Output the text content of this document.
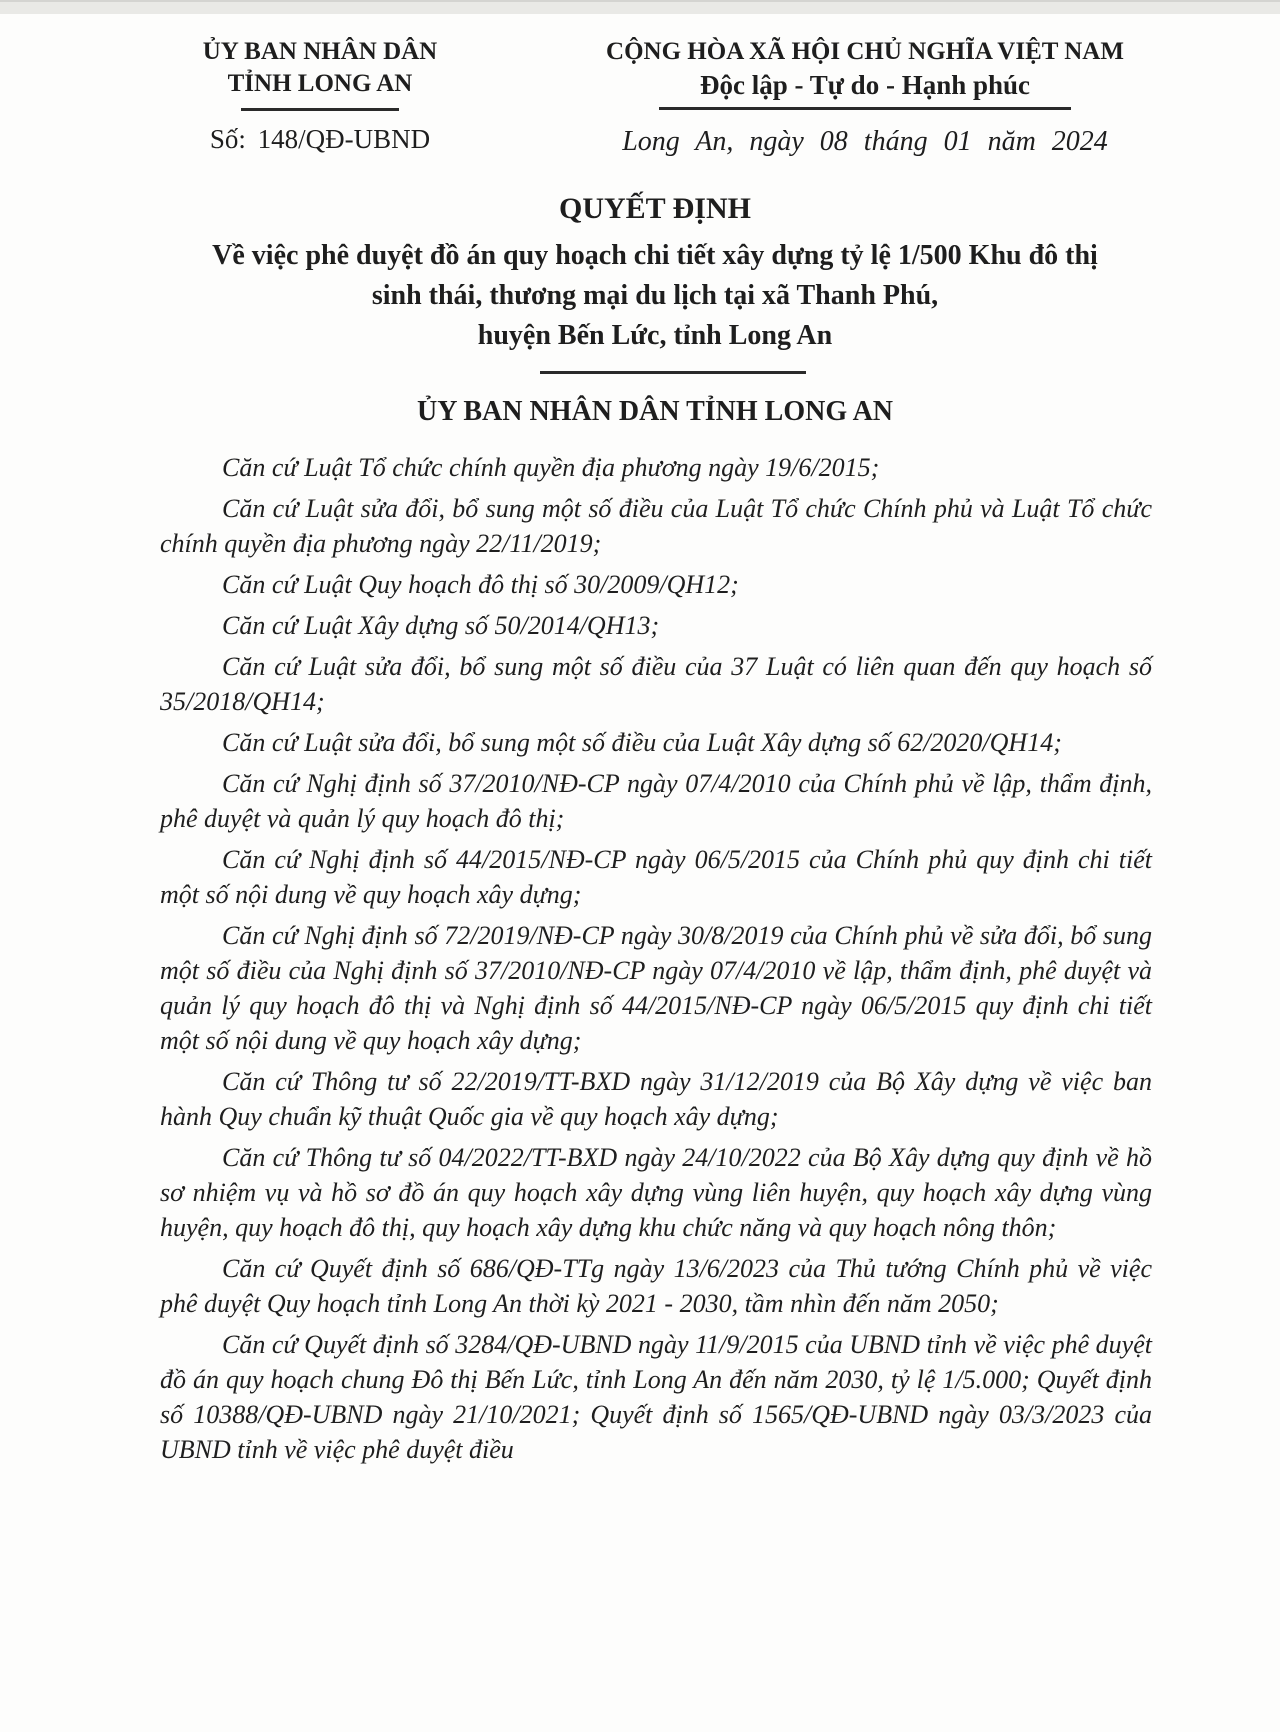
ỦY BAN NHÂN DÂN
TỈNH LONG AN
Số: 148/QĐ-UBND
CỘNG HÒA XÃ HỘI CHỦ NGHĨA VIỆT NAM
Độc lập - Tự do - Hạnh phúc
Long An, ngày 08 tháng 01 năm 2024
QUYẾT ĐỊNH
Về việc phê duyệt đồ án quy hoạch chi tiết xây dựng tỷ lệ 1/500 Khu đô thị
sinh thái, thương mại du lịch tại xã Thanh Phú,
huyện Bến Lức, tỉnh Long An
ỦY BAN NHÂN DÂN TỈNH LONG AN

Căn cứ Luật Tổ chức chính quyền địa phương ngày 19/6/2015;

Căn cứ Luật sửa đổi, bổ sung một số điều của Luật Tổ chức Chính phủ và Luật Tổ chức chính quyền địa phương ngày 22/11/2019;

Căn cứ Luật Quy hoạch đô thị số 30/2009/QH12;

Căn cứ Luật Xây dựng số 50/2014/QH13;

Căn cứ Luật sửa đổi, bổ sung một số điều của 37 Luật có liên quan đến quy hoạch số 35/2018/QH14;

Căn cứ Luật sửa đổi, bổ sung một số điều của Luật Xây dựng số 62/2020/QH14;

Căn cứ Nghị định số 37/2010/NĐ-CP ngày 07/4/2010 của Chính phủ về lập, thẩm định, phê duyệt và quản lý quy hoạch đô thị;

Căn cứ Nghị định số 44/2015/NĐ-CP ngày 06/5/2015 của Chính phủ quy định chi tiết một số nội dung về quy hoạch xây dựng;

Căn cứ Nghị định số 72/2019/NĐ-CP ngày 30/8/2019 của Chính phủ về sửa đổi, bổ sung một số điều của Nghị định số 37/2010/NĐ-CP ngày 07/4/2010 về lập, thẩm định, phê duyệt và quản lý quy hoạch đô thị và Nghị định số 44/2015/NĐ-CP ngày 06/5/2015 quy định chi tiết một số nội dung về quy hoạch xây dựng;

Căn cứ Thông tư số 22/2019/TT-BXD ngày 31/12/2019 của Bộ Xây dựng về việc ban hành Quy chuẩn kỹ thuật Quốc gia về quy hoạch xây dựng;

Căn cứ Thông tư số 04/2022/TT-BXD ngày 24/10/2022 của Bộ Xây dựng quy định về hồ sơ nhiệm vụ và hồ sơ đồ án quy hoạch xây dựng vùng liên huyện, quy hoạch xây dựng vùng huyện, quy hoạch đô thị, quy hoạch xây dựng khu chức năng và quy hoạch nông thôn;

Căn cứ Quyết định số 686/QĐ-TTg ngày 13/6/2023 của Thủ tướng Chính phủ về việc phê duyệt Quy hoạch tỉnh Long An thời kỳ 2021 - 2030, tầm nhìn đến năm 2050;

Căn cứ Quyết định số 3284/QĐ-UBND ngày 11/9/2015 của UBND tỉnh về việc phê duyệt đồ án quy hoạch chung Đô thị Bến Lức, tỉnh Long An đến năm 2030, tỷ lệ 1/5.000; Quyết định số 10388/QĐ-UBND ngày 21/10/2021; Quyết định số 1565/QĐ-UBND ngày 03/3/2023 của UBND tỉnh về việc phê duyệt điều
